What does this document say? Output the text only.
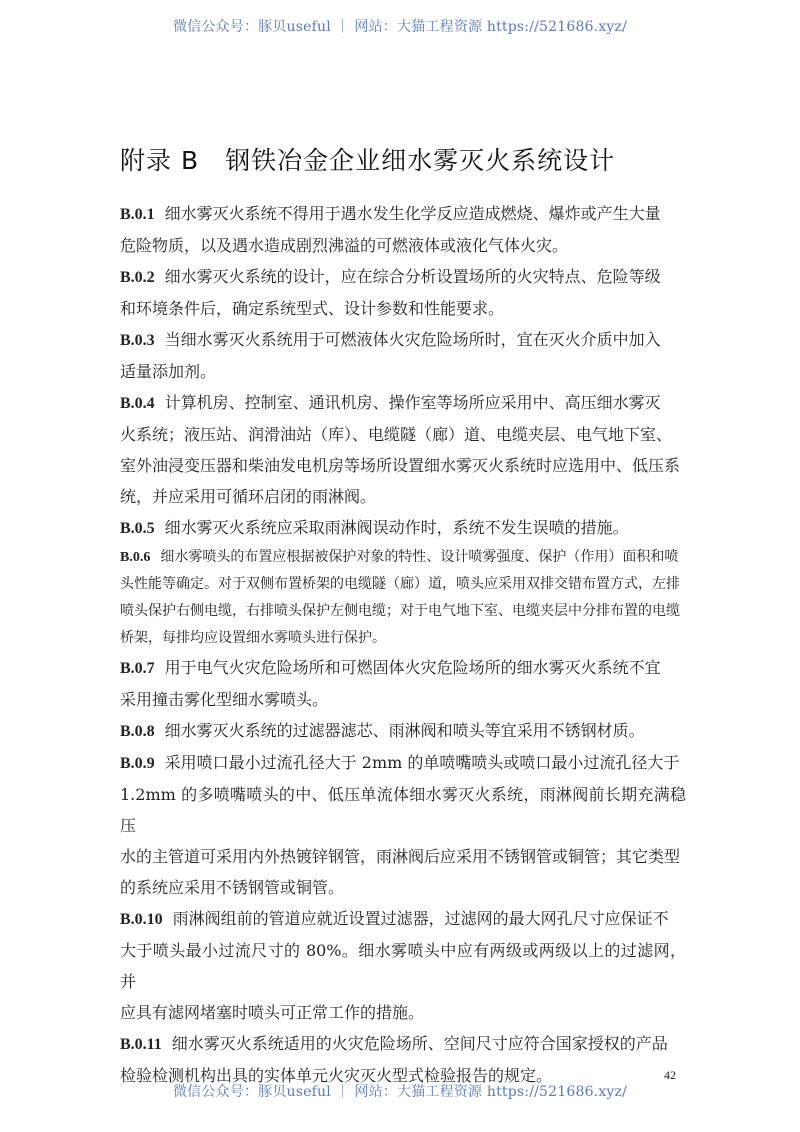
微信公众号：豚贝useful ｜ 网站：大猫工程资源 https://521686.xyz/
附录 B　钢铁冶金企业细水雾灭火系统设计

B.0.1 细水雾灭火系统不得用于遇水发生化学反应造成燃烧、爆炸或产生大量
危险物质，以及遇水造成剧烈沸溢的可燃液体或液化气体火灾。

B.0.2 细水雾灭火系统的设计，应在综合分析设置场所的火灾特点、危险等级
和环境条件后，确定系统型式、设计参数和性能要求。

B.0.3 当细水雾灭火系统用于可燃液体火灾危险场所时，宜在灭火介质中加入
适量添加剂。

B.0.4 计算机房、控制室、通讯机房、操作室等场所应采用中、高压细水雾灭
火系统；液压站、润滑油站（库）、电缆隧（廊）道、电缆夹层、电气地下室、
室外油浸变压器和柴油发电机房等场所设置细水雾灭火系统时应选用中、低压系
统，并应采用可循环启闭的雨淋阀。

B.0.5 细水雾灭火系统应采取雨淋阀误动作时，系统不发生误喷的措施。

B.0.6 细水雾喷头的布置应根据被保护对象的特性、设计喷雾强度、保护（作用）面积和喷
头性能等确定。对于双侧布置桥架的电缆隧（廊）道，喷头应采用双排交错布置方式，左排
喷头保护右侧电缆，右排喷头保护左侧电缆；对于电气地下室、电缆夹层中分排布置的电缆
桥架，每排均应设置细水雾喷头进行保护。

B.0.7 用于电气火灾危险场所和可燃固体火灾危险场所的细水雾灭火系统不宜
采用撞击雾化型细水雾喷头。

B.0.8 细水雾灭火系统的过滤器滤芯、雨淋阀和喷头等宜采用不锈钢材质。

B.0.9 采用喷口最小过流孔径大于 2mm 的单喷嘴喷头或喷口最小过流孔径大于
1.2mm 的多喷嘴喷头的中、低压单流体细水雾灭火系统，雨淋阀前长期充满稳压
水的主管道可采用内外热镀锌钢管，雨淋阀后应采用不锈钢管或铜管；其它类型
的系统应采用不锈钢管或铜管。

B.0.10 雨淋阀组前的管道应就近设置过滤器，过滤网的最大网孔尺寸应保证不
大于喷头最小过流尺寸的 80%。细水雾喷头中应有两级或两级以上的过滤网，并
应具有滤网堵塞时喷头可正常工作的措施。

B.0.11 细水雾灭火系统适用的火灾危险场所、空间尺寸应符合国家授权的产品
检验检测机构出具的实体单元火灾灭火型式检验报告的规定。	42
微信公众号：豚贝useful ｜ 网站：大猫工程资源 https://521686.xyz/
